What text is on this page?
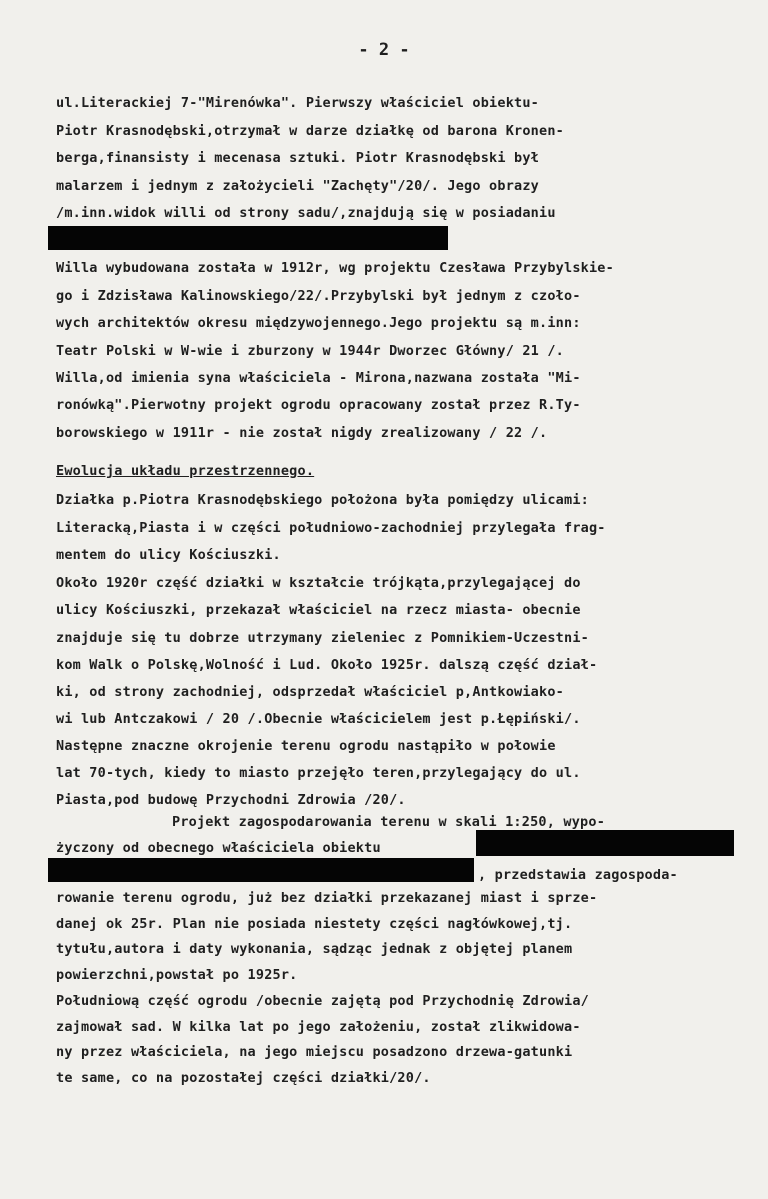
- 2 -
ul.Literackiej 7-"Mirenówka". Pierwszy właściciel obiektu-
Piotr Krasnodębski,otrzymał w darze działkę od barona Kronen-
berga,finansisty i mecenasa sztuki. Piotr Krasnodębski był
malarzem i jednym z założycieli "Zachęty"/20/. Jego obrazy
/m.inn.widok willi od strony sadu/,znajdują się w posiadaniu
Willa wybudowana została w 1912r, wg projektu Czesława Przybylskie-
go i Zdzisława Kalinowskiego/22/.Przybylski był jednym z czoło-
wych architektów okresu międzywojennego.Jego projektu są m.inn:
Teatr Polski w W-wie i zburzony w 1944r Dworzec Główny/ 21 /.
Willa,od imienia syna właściciela - Mirona,nazwana została "Mi-
ronówką".Pierwotny projekt ogrodu opracowany został przez R.Ty-
borowskiego w 1911r - nie został nigdy zrealizowany / 22 /.
Ewolucja układu przestrzennego.
Działka p.Piotra Krasnodębskiego położona była pomiędzy ulicami:
Literacką,Piasta i w części południowo-zachodniej przylegała frag-
mentem do ulicy Kościuszki.
Około 1920r część działki w kształcie trójkąta,przylegającej do
ulicy Kościuszki, przekazał właściciel na rzecz miasta- obecnie
znajduje się tu dobrze utrzymany zieleniec z Pomnikiem-Uczestni-
kom Walk o Polskę,Wolność i Lud. Około 1925r. dalszą część dział-
ki, od strony zachodniej, odsprzedał właściciel p,Antkowiako-
wi lub Antczakowi / 20 /.Obecnie właścicielem jest p.Łępiński/.
Następne znaczne okrojenie terenu ogrodu nastąpiło w połowie
lat 70-tych, kiedy to miasto przejęło teren,przylegający do ul.
Piasta,pod budowę Przychodni Zdrowia /20/.
Projekt zagospodarowania terenu w skali 1:250, wypo-
życzony od obecnego właściciela obiektu
, przedstawia zagospoda-
rowanie terenu ogrodu, już bez działki przekazanej miast i sprze-
danej ok 25r. Plan nie posiada niestety części nagłówkowej,tj.
tytułu,autora i daty wykonania, sądząc jednak z objętej planem
powierzchni,powstał po 1925r.
Południową część ogrodu /obecnie zajętą pod Przychodnię Zdrowia/
zajmował sad. W kilka lat po jego założeniu, został zlikwidowa-
ny przez właściciela, na jego miejscu posadzono drzewa-gatunki
te same, co na pozostałej części działki/20/.
